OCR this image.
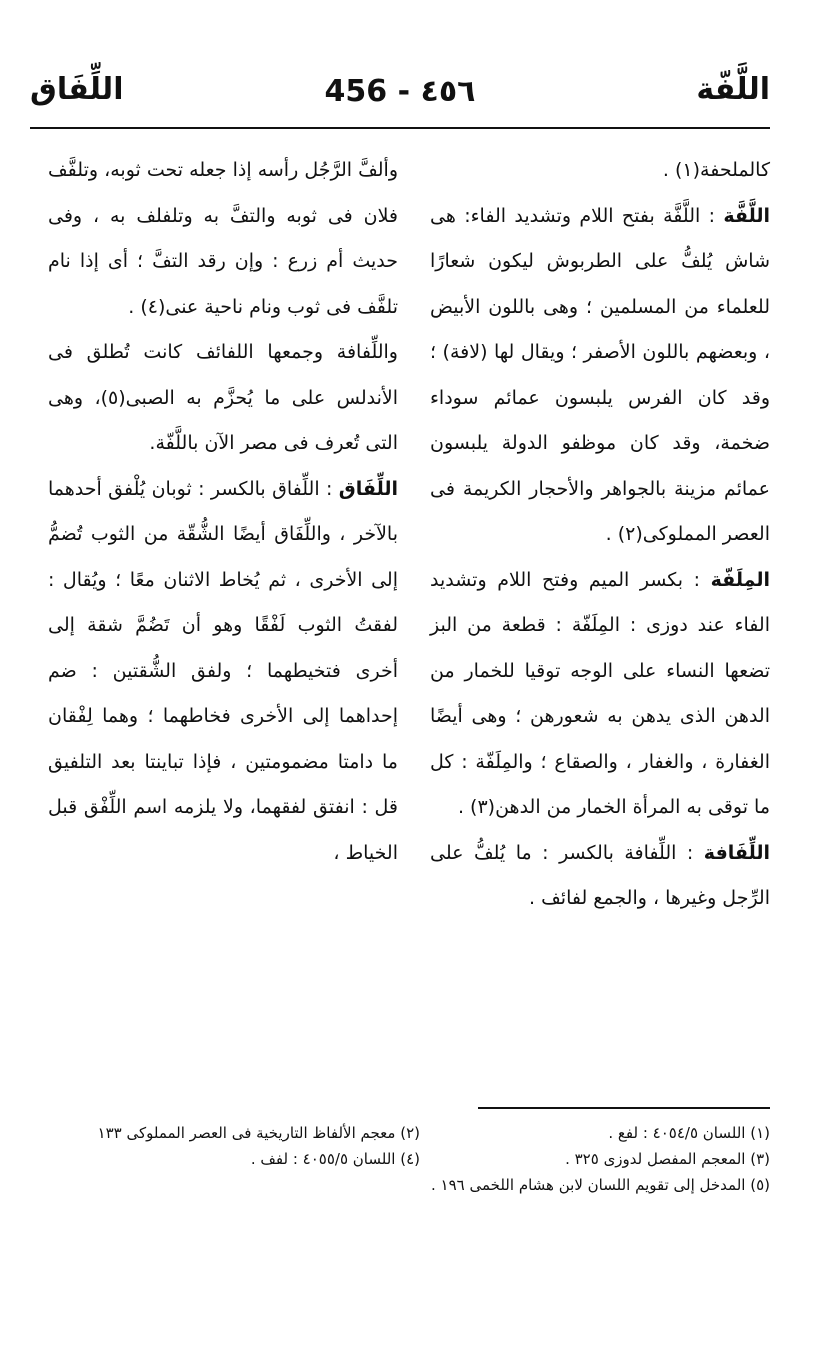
اللَّفّة
456 - ٤٥٦
اللِّفَاق

كالملحفة(١) .

اللَّفَّة : اللَّفَّة بفتح اللام وتشديد الفاء: هى شاش يُلفُّ على الطربوش ليكون شعارًا للعلماء من المسلمين ؛ وهى باللون الأبيض ، وبعضهم باللون الأصفر ؛ ويقال لها (لافة) ؛ وقد كان الفرس يلبسون عمائم سوداء ضخمة، وقد كان موظفو الدولة يلبسون عمائم مزينة بالجواهر والأحجار الكريمة فى العصر المملوكى(٢) .

المِلَفّة : بكسر الميم وفتح اللام وتشديد الفاء عند دوزى : المِلَفّة : قطعة من البز تضعها النساء على الوجه توقيا للخمار من الدهن الذى يدهن به شعورهن ؛ وهى أيضًا الغفارة ، والغفار ، والصقاع ؛ والمِلَفّة : كل ما توقى به المرأة الخمار من الدهن(٣) .

اللِّفَافة : اللِّفافة بالكسر : ما يُلفُّ على الرِّجل وغيرها ، والجمع لفائف .

وألفَّ الرَّجُل رأسه إذا جعله تحت ثوبه، وتلفَّف فلان فى ثوبه والتفَّ به وتلفلف به ، وفى حديث أم زرع : وإن رقد التفَّ ؛ أى إذا نام تلفَّف فى ثوب ونام ناحية عنى(٤) .

واللِّفافة وجمعها اللفائف كانت تُطلق فى الأندلس على ما يُحزَّم به الصبى(٥)، وهى التى تُعرف فى مصر الآن باللَّفّة.

اللِّفَاق : اللِّفاق بالكسر : ثوبان يُلْفق أحدهما بالآخر ، واللِّفَاق أيضًا الشُّقّة من الثوب تُضمُّ إلى الأخرى ، ثم يُخاط الاثنان معًا ؛ ويُقال : لفقتُ الثوب لَفْقًا وهو أن تَضُمَّ شقة إلى أخرى فتخيطهما ؛ ولفق الشُّقتين : ضم إحداهما إلى الأخرى فخاطهما ؛ وهما لِفْقان ما دامتا مضمومتين ، فإذا تباينتا بعد التلفيق قل : انفتق لفقهما، ولا يلزمه اسم اللِّفْق قبل الخياط ،

(١) اللسان ٤٠٥٤/٥ : لفع .
(٢) معجم الألفاظ التاريخية فى العصر المملوكى ١٣٣
(٣) المعجم المفصل لدوزى ٣٢٥ .
(٤) اللسان ٤٠٥٥/٥ : لفف .
(٥) المدخل إلى تقويم اللسان لابن هشام اللخمى ١٩٦ .
